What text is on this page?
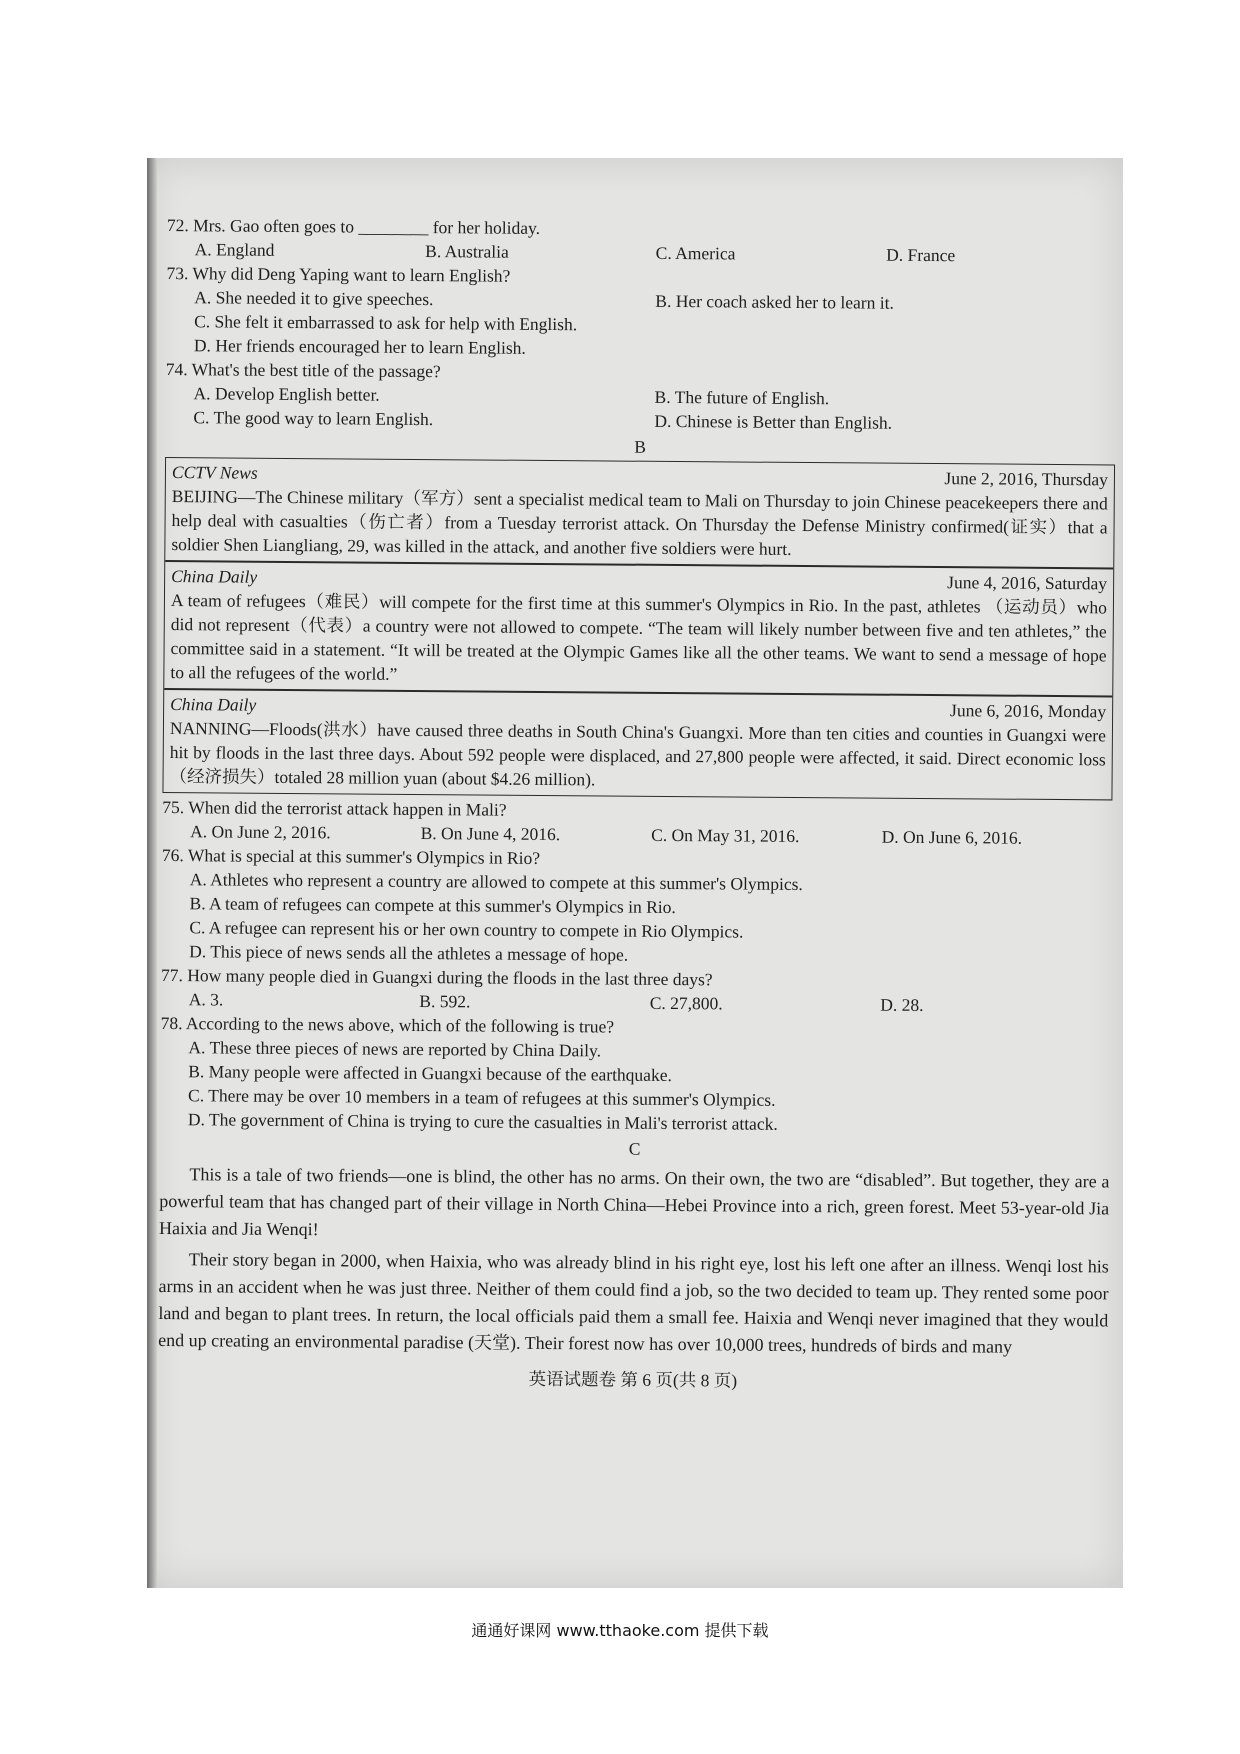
72. Mrs. Gao often goes to ________ for her holiday.

A. England	B. Australia	C. America	D. France

73. Why did Deng Yaping want to learn English?

A. She needed it to give speeches.	B. Her coach asked her to learn it.
C. She felt it embarrassed to ask for help with English.
D. Her friends encouraged her to learn English.

74. What's the best title of the passage?

A. Develop English better.	B. The future of English.
C. The good way to learn English.	D. Chinese is Better than English.
B
CCTV News	June 2, 2016, Thursday
BEIJING—The Chinese military（军方）sent a specialist medical team to Mali on Thursday to join Chinese peacekeepers there and help deal with casualties（伤亡者）from a Tuesday terrorist attack. On Thursday the Defense Ministry confirmed(证实）that a soldier Shen Liangliang, 29, was killed in the attack, and another five soldiers were hurt.
China Daily	June 4, 2016, Saturday
A team of refugees（难民）will compete for the first time at this summer's Olympics in Rio. In the past, athletes （运动员）who did not represent（代表）a country were not allowed to compete. “The team will likely number between five and ten athletes,” the committee said in a statement. “It will be treated at the Olympic Games like all the other teams. We want to send a message of hope to all the refugees of the world.”
China Daily	June 6, 2016, Monday
NANNING—Floods(洪水）have caused three deaths in South China's Guangxi. More than ten cities and counties in Guangxi were hit by floods in the last three days. About 592 people were displaced, and 27,800 people were affected, it said. Direct economic loss（经济损失）totaled 28 million yuan (about $4.26 million).

75. When did the terrorist attack happen in Mali?

A. On June 2, 2016.	B. On June 4, 2016.	C. On May 31, 2016.	D. On June 6, 2016.

76. What is special at this summer's Olympics in Rio?

A. Athletes who represent a country are allowed to compete at this summer's Olympics.
B. A team of refugees can compete at this summer's Olympics in Rio.
C. A refugee can represent his or her own country to compete in Rio Olympics.
D. This piece of news sends all the athletes a message of hope.

77. How many people died in Guangxi during the floods in the last three days?

A. 3.	B. 592.	C. 27,800.	D. 28.

78. According to the news above, which of the following is true?

A. These three pieces of news are reported by China Daily.
B. Many people were affected in Guangxi because of the earthquake.
C. There may be over 10 members in a team of refugees at this summer's Olympics.
D. The government of China is trying to cure the casualties in Mali's terrorist attack.
C

This is a tale of two friends—one is blind, the other has no arms. On their own, the two are “disabled”. But together, they are a powerful team that has changed part of their village in North China—Hebei Province into a rich, green forest. Meet 53-year-old Jia Haixia and Jia Wenqi!

Their story began in 2000, when Haixia, who was already blind in his right eye, lost his left one after an illness. Wenqi lost his arms in an accident when he was just three. Neither of them could find a job, so the two decided to team up. They rented some poor land and began to plant trees. In return, the local officials paid them a small fee. Haixia and Wenqi never imagined that they would end up creating an environmental paradise (天堂). Their forest now has over 10,000 trees, hundreds of birds and many

英语试题卷 第 6 页(共 8 页)
通通好课网 www.tthaoke.com 提供下载
